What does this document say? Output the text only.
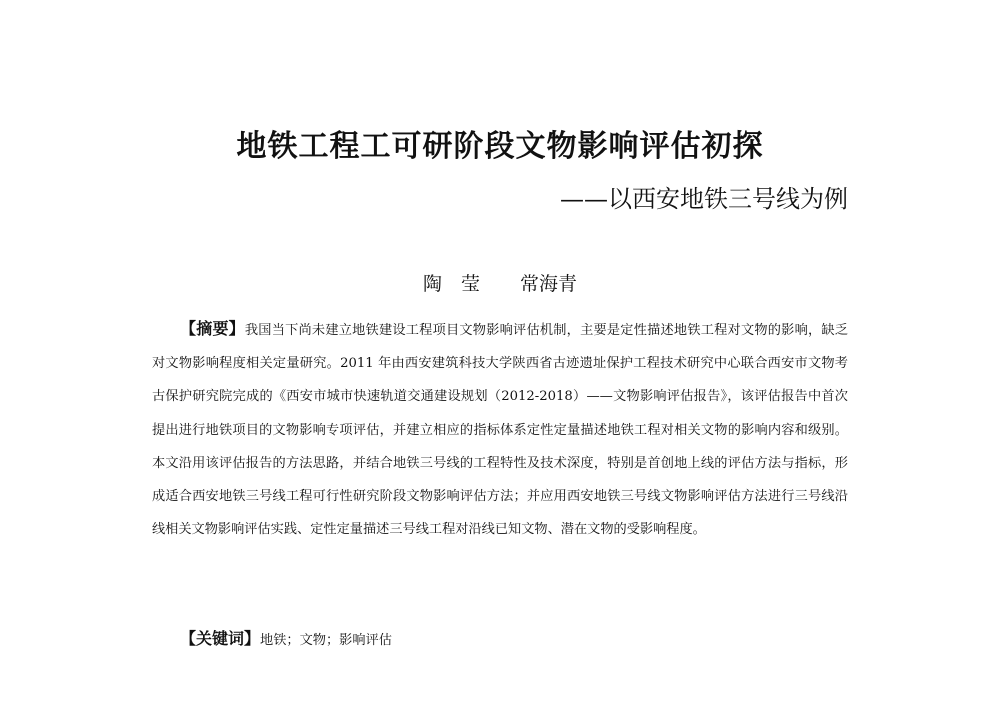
地铁工程工可研阶段文物影响评估初探
——以西安地铁三号线为例
陶　莹 常海青

【摘要】我国当下尚未建立地铁建设工程项目文物影响评估机制，主要是定性描述地铁工程对文物的影响，缺乏对文物影响程度相关定量研究。2011 年由西安建筑科技大学陕西省古迹遗址保护工程技术研究中心联合西安市文物考古保护研究院完成的《西安市城市快速轨道交通建设规划（2012-2018）——文物影响评估报告》，该评估报告中首次提出进行地铁项目的文物影响专项评估，并建立相应的指标体系定性定量描述地铁工程对相关文物的影响内容和级别。本文沿用该评估报告的方法思路，并结合地铁三号线的工程特性及技术深度，特别是首创地上线的评估方法与指标，形成适合西安地铁三号线工程可行性研究阶段文物影响评估方法；并应用西安地铁三号线文物影响评估方法进行三号线沿线相关文物影响评估实践、定性定量描述三号线工程对沿线已知文物、潜在文物的受影响程度。

【关键词】地铁；文物；影响评估
